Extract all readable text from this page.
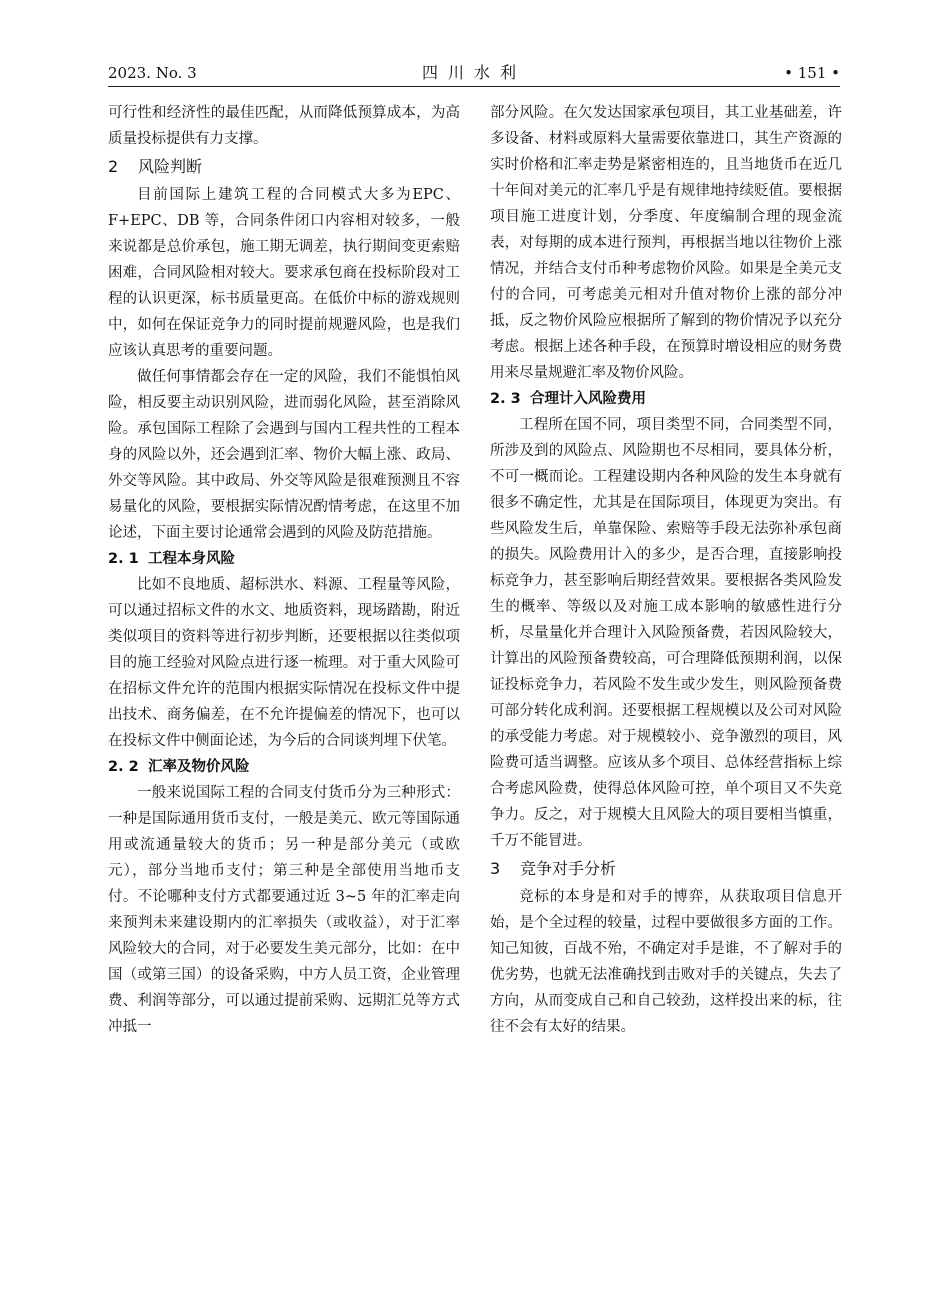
2023. No. 3	四川水利	• 151 •

可行性和经济性的最佳匹配，从而降低预算成本，为高质量投标提供有力支撑。

2 风险判断

目前国际上建筑工程的合同模式大多为EPC、F+EPC、DB 等，合同条件闭口内容相对较多，一般来说都是总价承包，施工期无调差，执行期间变更索赔困难，合同风险相对较大。要求承包商在投标阶段对工程的认识更深，标书质量更高。在低价中标的游戏规则中，如何在保证竞争力的同时提前规避风险，也是我们应该认真思考的重要问题。

做任何事情都会存在一定的风险，我们不能惧怕风险，相反要主动识别风险，进而弱化风险，甚至消除风险。承包国际工程除了会遇到与国内工程共性的工程本身的风险以外，还会遇到汇率、物价大幅上涨、政局、外交等风险。其中政局、外交等风险是很难预测且不容易量化的风险，要根据实际情况酌情考虑，在这里不加论述，下面主要讨论通常会遇到的风险及防范措施。

2. 1 工程本身风险

比如不良地质、超标洪水、料源、工程量等风险，可以通过招标文件的水文、地质资料，现场踏勘，附近类似项目的资料等进行初步判断，还要根据以往类似项目的施工经验对风险点进行逐一梳理。对于重大风险可在招标文件允许的范围内根据实际情况在投标文件中提出技术、商务偏差，在不允许提偏差的情况下，也可以在投标文件中侧面论述，为今后的合同谈判埋下伏笔。

2. 2 汇率及物价风险

一般来说国际工程的合同支付货币分为三种形式：一种是国际通用货币支付，一般是美元、欧元等国际通用或流通量较大的货币；另一种是部分美元（或欧元），部分当地币支付；第三种是全部使用当地币支付。不论哪种支付方式都要通过近 3~5 年的汇率走向来预判未来建设期内的汇率损失（或收益），对于汇率风险较大的合同，对于必要发生美元部分，比如：在中国（或第三国）的设备采购，中方人员工资，企业管理费、利润等部分，可以通过提前采购、远期汇兑等方式冲抵一

部分风险。在欠发达国家承包项目，其工业基础差，许多设备、材料或原料大量需要依靠进口，其生产资源的实时价格和汇率走势是紧密相连的，且当地货币在近几十年间对美元的汇率几乎是有规律地持续贬值。要根据项目施工进度计划，分季度、年度编制合理的现金流表，对每期的成本进行预判，再根据当地以往物价上涨情况，并结合支付币种考虑物价风险。如果是全美元支付的合同，可考虑美元相对升值对物价上涨的部分冲抵，反之物价风险应根据所了解到的物价情况予以充分考虑。根据上述各种手段，在预算时增设相应的财务费用来尽量规避汇率及物价风险。

2. 3 合理计入风险费用

工程所在国不同，项目类型不同，合同类型不同，所涉及到的风险点、风险期也不尽相同，要具体分析，不可一概而论。工程建设期内各种风险的发生本身就有很多不确定性，尤其是在国际项目，体现更为突出。有些风险发生后，单靠保险、索赔等手段无法弥补承包商的损失。风险费用计入的多少，是否合理，直接影响投标竞争力，甚至影响后期经营效果。要根据各类风险发生的概率、等级以及对施工成本影响的敏感性进行分析，尽量量化并合理计入风险预备费，若因风险较大，计算出的风险预备费较高，可合理降低预期利润，以保证投标竞争力，若风险不发生或少发生，则风险预备费可部分转化成利润。还要根据工程规模以及公司对风险的承受能力考虑。对于规模较小、竞争激烈的项目，风险费可适当调整。应该从多个项目、总体经营指标上综合考虑风险费，使得总体风险可控，单个项目又不失竞争力。反之，对于规模大且风险大的项目要相当慎重，千万不能冒进。

3 竞争对手分析

竞标的本身是和对手的博弈，从获取项目信息开始，是个全过程的较量，过程中要做很多方面的工作。知己知彼，百战不殆，不确定对手是谁，不了解对手的优劣势，也就无法准确找到击败对手的关键点，失去了方向，从而变成自己和自己较劲，这样投出来的标，往往不会有太好的结果。
